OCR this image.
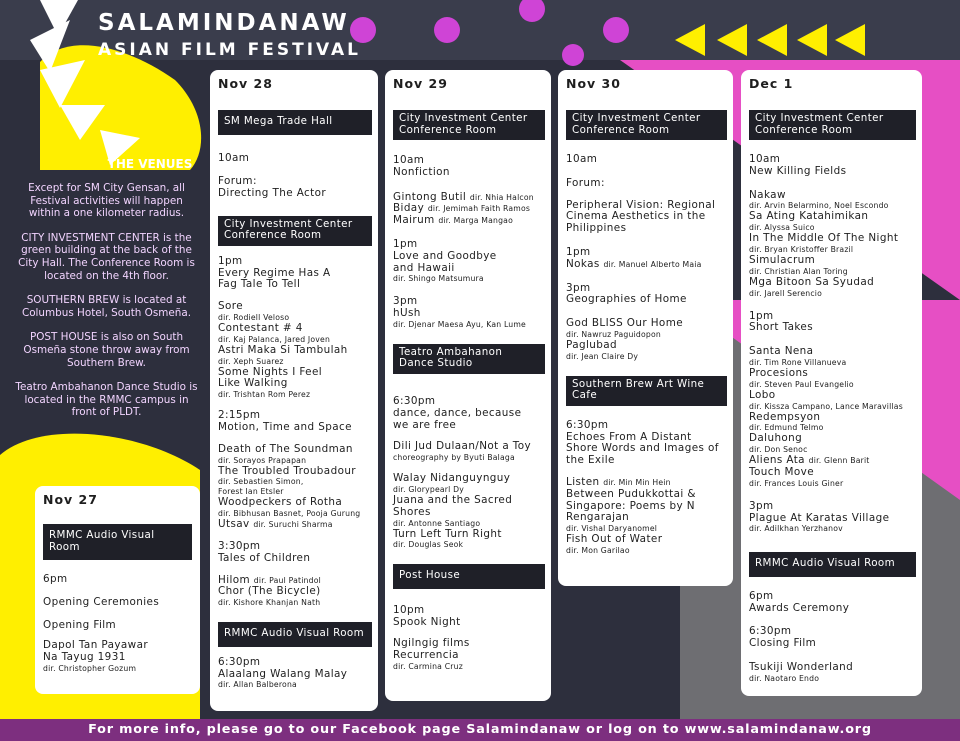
SALAMINDANAW
ASIAN FILM FESTIVAL
THE VENUES

Except for SM City Gensan, all Festival activities will happen within a one kilometer radius.

CITY INVESTMENT CENTER is the green building at the back of the City Hall. The Conference Room is located on the 4th floor.

SOUTHERN BREW is located at Columbus Hotel, South Osmeña.

POST HOUSE is also on South Osmeña stone throw away from Southern Brew.

Teatro Ambahanon Dance Studio is located in the RMMC campus in front of PLDT.

Nov 27
RMMC Audio Visual Room

6pm

Opening Ceremonies

Opening Film

Dapol Tan Payawar Na Tayug 1931

dir. Christopher Gozum

Nov 28
SM Mega Trade Hall

10am

Forum:

Directing The Actor

City Investment Center Conference Room

1pm

Every Regime Has A Fag Tale To Tell

Sore

dir. Rodiell Veloso

Contestant # 4

dir. Kaj Palanca, Jared Joven

Astri Maka Si Tambulah

dir. Xeph Suarez

Some Nights I Feel Like Walking

dir. Trishtan Rom Perez

2:15pm

Motion, Time and Space

Death of The Soundman

dir. Sorayos Prapapan

The Troubled Troubadour

dir. Sebastien Simon, Forest Ian Etsler

Woodpeckers of Rotha

dir. Bibhusan Basnet, Pooja Gurung

Utsav dir. Suruchi Sharma

3:30pm

Tales of Children

Hilom dir. Paul Patindol

Chor (The Bicycle)

dir. Kishore Khanjan Nath

RMMC Audio Visual Room

6:30pm

Alaalang Walang Malay

dir. Allan Balberona

Nov 29
City Investment Center Conference Room

10am

Nonfiction

Gintong Butil dir. Nhia Halcon

Biday dir. Jemimah Faith Ramos

Mairum dir. Marga Mangao

1pm

Love and Goodbye and Hawaii

dir. Shingo Matsumura

3pm

hUsh

dir. Djenar Maesa Ayu, Kan Lume

Teatro Ambahanon Dance Studio

6:30pm

dance, dance, because we are free

Dili Jud Dulaan/Not a Toy

choreography by Byuti Balaga

Walay Nidanguynguy

dir. Glorypearl Dy

Juana and the Sacred Shores

dir. Antonne Santiago

Turn Left Turn Right

dir. Douglas Seok

Post House

10pm

Spook Night

Ngilngig films

Recurrencia

dir. Carmina Cruz

Nov 30
City Investment Center Conference Room

10am

Forum:

Peripheral Vision: Regional Cinema Aesthetics in the Philippines

1pm

Nokas dir. Manuel Alberto Maia

3pm

Geographies of Home

God BLISS Our Home

dir. Nawruz Paguidopon

Paglubad

dir. Jean Claire Dy

Southern Brew Art Wine Cafe

6:30pm

Echoes From A Distant Shore Words and Images of the Exile

Listen dir. Min Min Hein

Between Pudukkottai & Singapore: Poems by N Rengarajan

dir. Vishal Daryanomel

Fish Out of Water

dir. Mon Garilao

Dec 1
City Investment Center Conference Room

10am

New Killing Fields

Nakaw

dir. Arvin Belarmino, Noel Escondo

Sa Ating Katahimikan

dir. Alyssa Suico

In The Middle Of The Night

dir. Bryan Kristoffer Brazil

Simulacrum

dir. Christian Alan Toring

Mga Bitoon Sa Syudad

dir. Jarell Serencio

1pm

Short Takes

Santa Nena

dir. Tim Rone Villanueva

Procesions

dir. Steven Paul Evangelio

Lobo

dir. Kissza Campano, Lance Maravillas

Redempsyon

dir. Edmund Telmo

Daluhong

dir. Don Senoc

Aliens Ata dir. Glenn Barit

Touch Move

dir. Frances Louis Giner

3pm

Plague At Karatas Village

dir. Adilkhan Yerzhanov

RMMC Audio Visual Room

6pm

Awards Ceremony

6:30pm

Closing Film

Tsukiji Wonderland

dir. Naotaro Endo

For more info, please go to our Facebook page Salamindanaw or log on to www.salamindanaw.org
